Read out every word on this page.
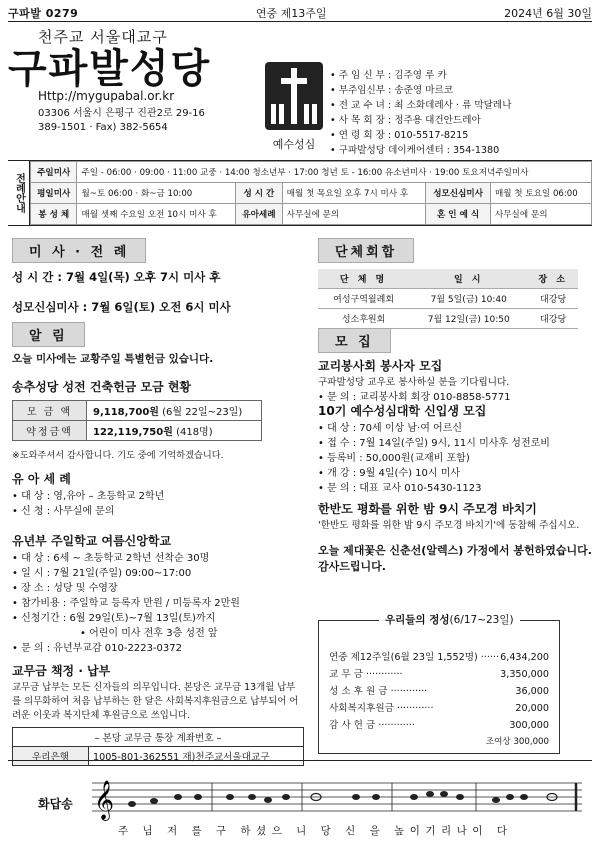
구파발 0279	연중 제13주일	2024년 6월 30일
천주교 서울대교구
구파발성당
Http://mygupabal.or.kr
03306 서울시 은평구 진관2로 29-16
389-1501 · Fax) 382-5654
예수성심
• 주 임 신 부 : 김주영 루 카
• 부주임신부 : 송준영 마르코
• 전 교 수 녀 : 최 소화데레사 · 류 막달레나
• 사 목 회 장 : 정주용 대건안드레아
• 연 령 회 장 : 010-5517-8215
• 구파발성당 데이케어센터 : 354-1380
전례안내	주일미사	주일 - 06:00 · 09:00 · 11:00 교중 · 14:00 청소년부 · 17:00 청년 토 - 16:00 유소년미사 · 19:00 토요저녁주일미사				
평일미사	월~토 06:00 · 화~금 10:00	성 시 간	매월 첫 목요일 오후 7시 미사 후	성모신심미사	매월 첫 토요일 06:00
봉 성 체	매월 셋째 수요일 오전 10시 미사 후	유아세례	사무실에 문의	혼 인 예 식	사무실에 문의
미 사 · 전 례
성 시 간 : 7월 4일(목) 오후 7시 미사 후
성모신심미사 : 7월 6일(토) 오전 6시 미사
알 림
오늘 미사에는 교황주일 특별헌금 있습니다.
송추성당 성전 건축헌금 모금 현황
모 금 액	9,118,700원 (6월 22일~23일)
약정금액	122,119,750원 (418명)
※도와주셔서 감사합니다. 기도 중에 기억하겠습니다.
유 아 세 례
• 대 상 : 영,유아 – 초등학교 2학년
• 신 청 : 사무실에 문의
유년부 주일학교 여름신앙학교
• 대 상 : 6세 ~ 초등학교 2학년 선착순 30명
• 일 시 : 7월 21일(주일) 09:00~17:00
• 장 소 : 성당 및 수영장
• 참가비용 : 주일학교 등록자 만원 / 미등록자 2만원
• 신청기간 : 6월 29일(토)~7월 13일(토)까지
• 어린이 미사 전후 3층 성전 앞
• 문 의 : 유년부교감 010-2223-0372
교무금 책정 · 납부
교무금 납부는 모든 신자들의 의무입니다. 본당은 교무금 13개월 납부를 의무화하여 처음 납부하는 한 달은 사회복지후원금으로 납부되어 어려운 이웃과 복지단체 후원금으로 쓰입니다.
– 본당 교무금 통장 계좌번호 –
우리은행	1005-801-362551 재)천주교서울대교구
단체회합
단 체 명	일 시	장 소
여성구역월례회	7월 5일(금) 10:40	대강당
성소후원회	7월 12일(금) 10:50	대강당
모 집
교리봉사회 봉사자 모집
구파발성당 교우로 봉사하실 분을 기다립니다.
• 문 의 : 교리봉사회 회장 010-8858-5771
10기 예수성심대학 신입생 모집
• 대 상 : 70세 이상 남·여 어르신
• 접 수 : 7월 14일(주일) 9시, 11시 미사후 성전로비
• 등록비 : 50,000원(교재비 포함)
• 개 강 : 9월 4일(수) 10시 미사
• 문 의 : 대표 교사 010-5430-1123
한반도 평화를 위한 밤 9시 주모경 바치기
'한반도 평화를 위한 밤 9시 주모경 바치기'에 동참해 주십시오.
오늘 제대꽃은 신춘선(알렉스) 가정에서 봉헌하였습니다. 감사드립니다.
우리들의 정성(6/17~23일)
연중 제12주일(6월 23일 1,552명) ······ 6,434,200
교 무 금 ············	3,350,000
성 소 후 원 금 ············	36,000
사회복지후원금 ············	20,000
감 사 헌 금 ············	300,000
조여상 300,000
화답송 𝄞
주 님 저 를 구 하셨으 니 당 신 을 높이기리나이 다
